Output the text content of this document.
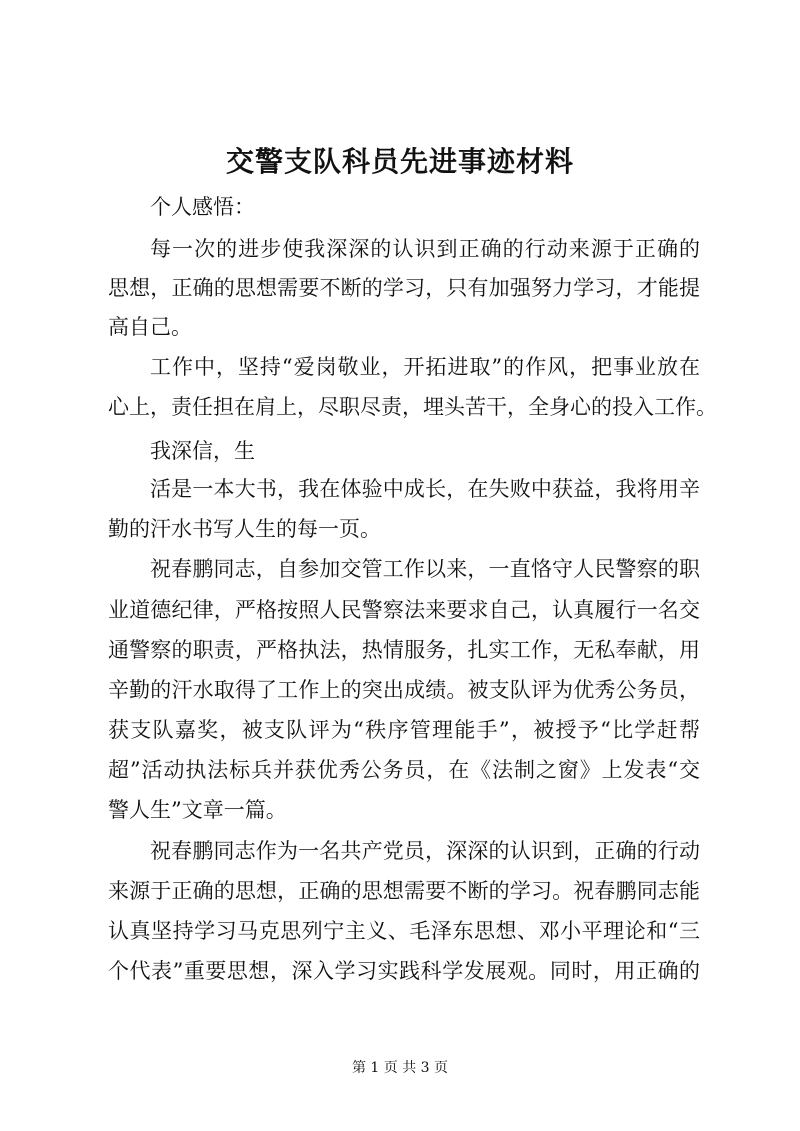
交警支队科员先进事迹材料

个人感悟：

每一次的进步使我深深的认识到正确的行动来源于正确的

思想，正确的思想需要不断的学习，只有加强努力学习，才能提

高自己。

工作中，坚持“爱岗敬业，开拓进取”的作风，把事业放在

心上，责任担在肩上，尽职尽责，埋头苦干，全身心的投入工作。

我深信，生

活是一本大书，我在体验中成长，在失败中获益，我将用辛

勤的汗水书写人生的每一页。

祝春鹏同志，自参加交管工作以来，一直恪守人民警察的职

业道德纪律，严格按照人民警察法来要求自己，认真履行一名交

通警察的职责，严格执法，热情服务，扎实工作，无私奉献，用

辛勤的汗水取得了工作上的突出成绩。被支队评为优秀公务员，

获支队嘉奖，被支队评为“秩序管理能手”，被授予“比学赶帮

超”活动执法标兵并获优秀公务员，在《法制之窗》上发表“交

警人生”文章一篇。

祝春鹏同志作为一名共产党员，深深的认识到，正确的行动

来源于正确的思想，正确的思想需要不断的学习。祝春鹏同志能

认真坚持学习马克思列宁主义、毛泽东思想、邓小平理论和“三

个代表”重要思想，深入学习实践科学发展观。同时，用正确的

第 1 页 共 3 页
